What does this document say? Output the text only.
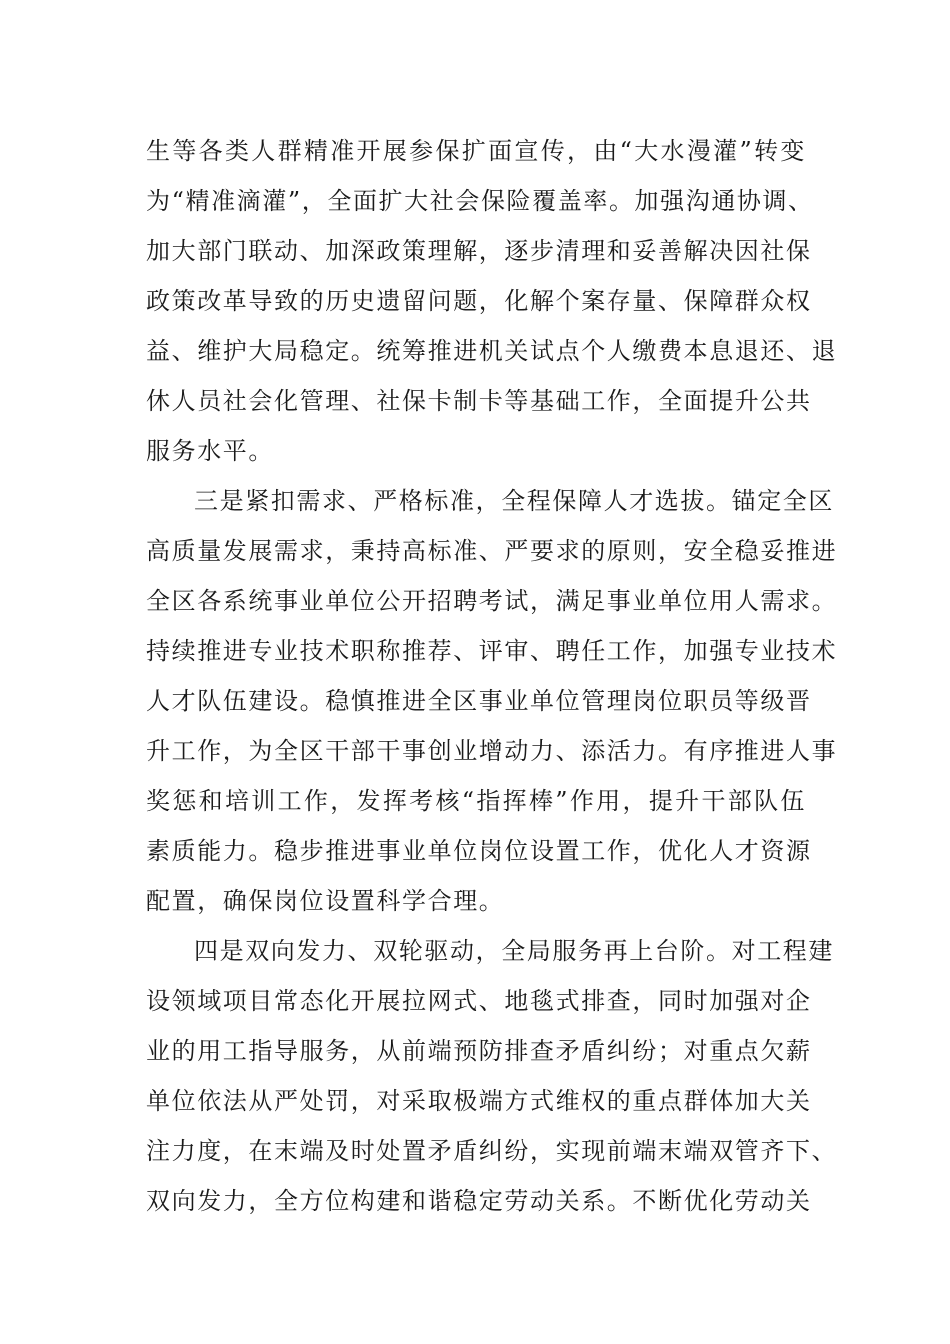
生等各类人群精准开展参保扩面宣传，由“大水漫灌”转变
为“精准滴灌”，全面扩大社会保险覆盖率。加强沟通协调、
加大部门联动、加深政策理解，逐步清理和妥善解决因社保
政策改革导致的历史遗留问题，化解个案存量、保障群众权
益、维护大局稳定。统筹推进机关试点个人缴费本息退还、退
休人员社会化管理、社保卡制卡等基础工作，全面提升公共
服务水平。
三是紧扣需求、严格标准，全程保障人才选拔。锚定全区
高质量发展需求，秉持高标准、严要求的原则，安全稳妥推进
全区各系统事业单位公开招聘考试，满足事业单位用人需求。
持续推进专业技术职称推荐、评审、聘任工作，加强专业技术
人才队伍建设。稳慎推进全区事业单位管理岗位职员等级晋
升工作，为全区干部干事创业增动力、添活力。有序推进人事
奖惩和培训工作，发挥考核“指挥棒”作用，提升干部队伍
素质能力。稳步推进事业单位岗位设置工作，优化人才资源
配置，确保岗位设置科学合理。
四是双向发力、双轮驱动，全局服务再上台阶。对工程建
设领域项目常态化开展拉网式、地毯式排查，同时加强对企
业的用工指导服务，从前端预防排查矛盾纠纷；对重点欠薪
单位依法从严处罚，对采取极端方式维权的重点群体加大关
注力度，在末端及时处置矛盾纠纷，实现前端末端双管齐下、
双向发力，全方位构建和谐稳定劳动关系。不断优化劳动关
